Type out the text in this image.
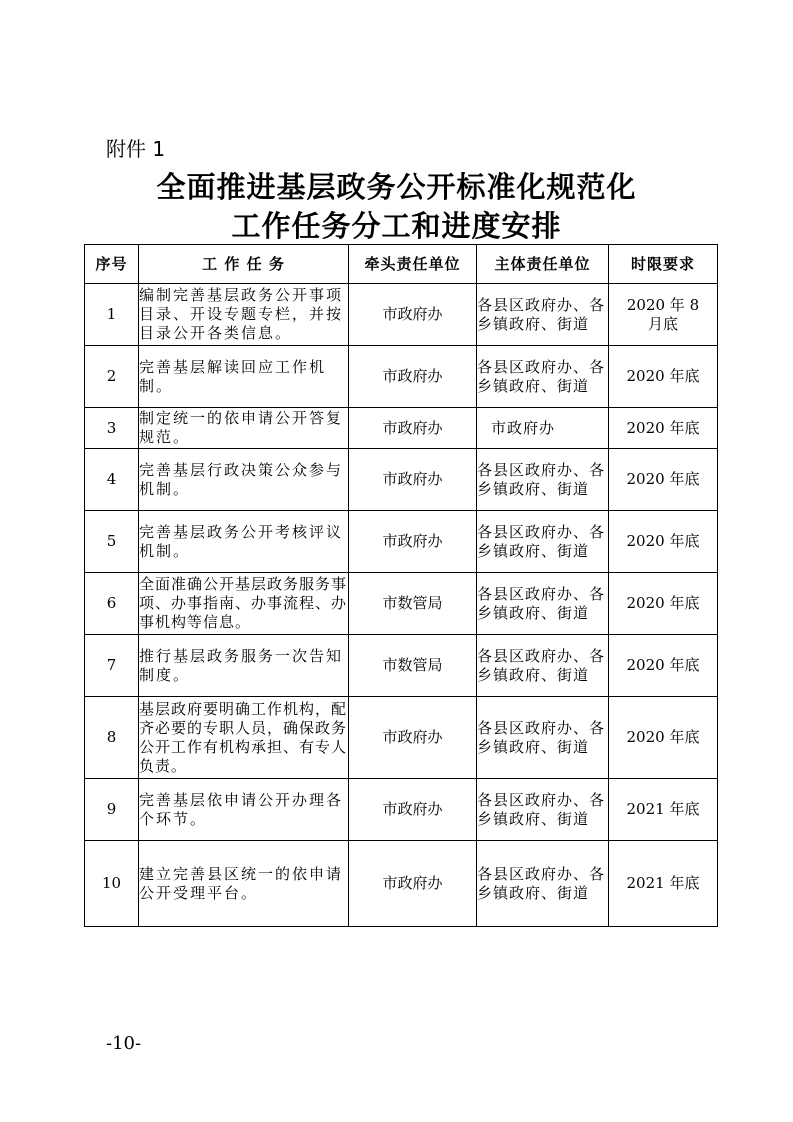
附件 1
全面推进基层政务公开标准化规范化
工作任务分工和进度安排
序号	工 作 任 务	牵头责任单位	主体责任单位	时限要求
1	编制完善基层政务公开事项目录、开设专题专栏，并按目录公开各类信息。	市政府办	各县区政府办、各乡镇政府、街道	2020 年 8 月底
2	完善基层解读回应工作机制。	市政府办	各县区政府办、各乡镇政府、街道	2020 年底
3	制定统一的依申请公开答复规范。	市政府办	市政府办	2020 年底
4	完善基层行政决策公众参与机制。	市政府办	各县区政府办、各乡镇政府、街道	2020 年底
5	完善基层政务公开考核评议机制。	市政府办	各县区政府办、各乡镇政府、街道	2020 年底
6	全面准确公开基层政务服务事项、办事指南、办事流程、办事机构等信息。	市数管局	各县区政府办、各乡镇政府、街道	2020 年底
7	推行基层政务服务一次告知制度。	市数管局	各县区政府办、各乡镇政府、街道	2020 年底
8	基层政府要明确工作机构，配齐必要的专职人员，确保政务公开工作有机构承担、有专人负责。	市政府办	各县区政府办、各乡镇政府、街道	2020 年底
9	完善基层依申请公开办理各个环节。	市政府办	各县区政府办、各乡镇政府、街道	2021 年底
10	建立完善县区统一的依申请公开受理平台。	市政府办	各县区政府办、各乡镇政府、街道	2021 年底
-10-
